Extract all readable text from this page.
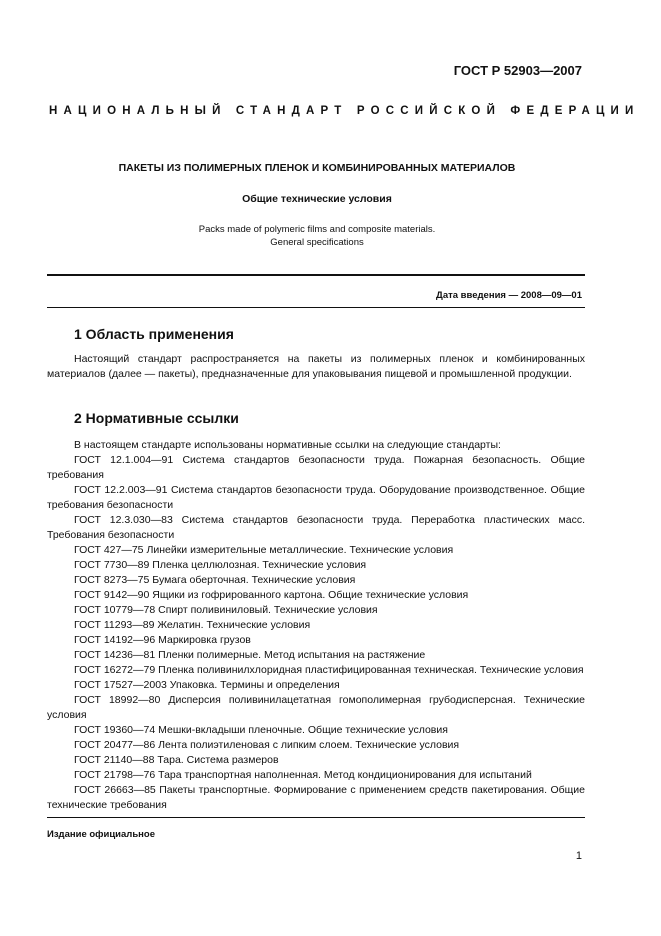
ГОСТ Р 52903—2007
НАЦИОНАЛЬНЫЙ СТАНДАРТ РОССИЙСКОЙ ФЕДЕРАЦИИ
ПАКЕТЫ ИЗ ПОЛИМЕРНЫХ ПЛЕНОК И КОМБИНИРОВАННЫХ МАТЕРИАЛОВ
Общие технические условия
Packs made of polymeric films and composite materials.
General specifications
Дата введения — 2008—09—01
1 Область применения
Настоящий стандарт распространяется на пакеты из полимерных пленок и комбинированных материалов (далее — пакеты), предназначенные для упаковывания пищевой и промышленной продукции.
2 Нормативные ссылки
В настоящем стандарте использованы нормативные ссылки на следующие стандарты:
ГОСТ 12.1.004—91 Система стандартов безопасности труда. Пожарная безопасность. Общие требования
ГОСТ 12.2.003—91 Система стандартов безопасности труда. Оборудование производственное. Общие требования безопасности
ГОСТ 12.3.030—83 Система стандартов безопасности труда. Переработка пластических масс. Требования безопасности
ГОСТ 427—75 Линейки измерительные металлические. Технические условия
ГОСТ 7730—89 Пленка целлюлозная. Технические условия
ГОСТ 8273—75 Бумага оберточная. Технические условия
ГОСТ 9142—90 Ящики из гофрированного картона. Общие технические условия
ГОСТ 10779—78 Спирт поливиниловый. Технические условия
ГОСТ 11293—89 Желатин. Технические условия
ГОСТ 14192—96 Маркировка грузов
ГОСТ 14236—81 Пленки полимерные. Метод испытания на растяжение
ГОСТ 16272—79 Пленка поливинилхлоридная пластифицированная техническая. Технические условия
ГОСТ 17527—2003 Упаковка. Термины и определения
ГОСТ 18992—80 Дисперсия поливинилацетатная гомополимерная грубодисперсная. Технические условия
ГОСТ 19360—74 Мешки-вкладыши пленочные. Общие технические условия
ГОСТ 20477—86 Лента полиэтиленовая с липким слоем. Технические условия
ГОСТ 21140—88 Тара. Система размеров
ГОСТ 21798—76 Тара транспортная наполненная. Метод кондиционирования для испытаний
ГОСТ 26663—85 Пакеты транспортные. Формирование с применением средств пакетирования. Общие технические требования
Издание официальное
1
